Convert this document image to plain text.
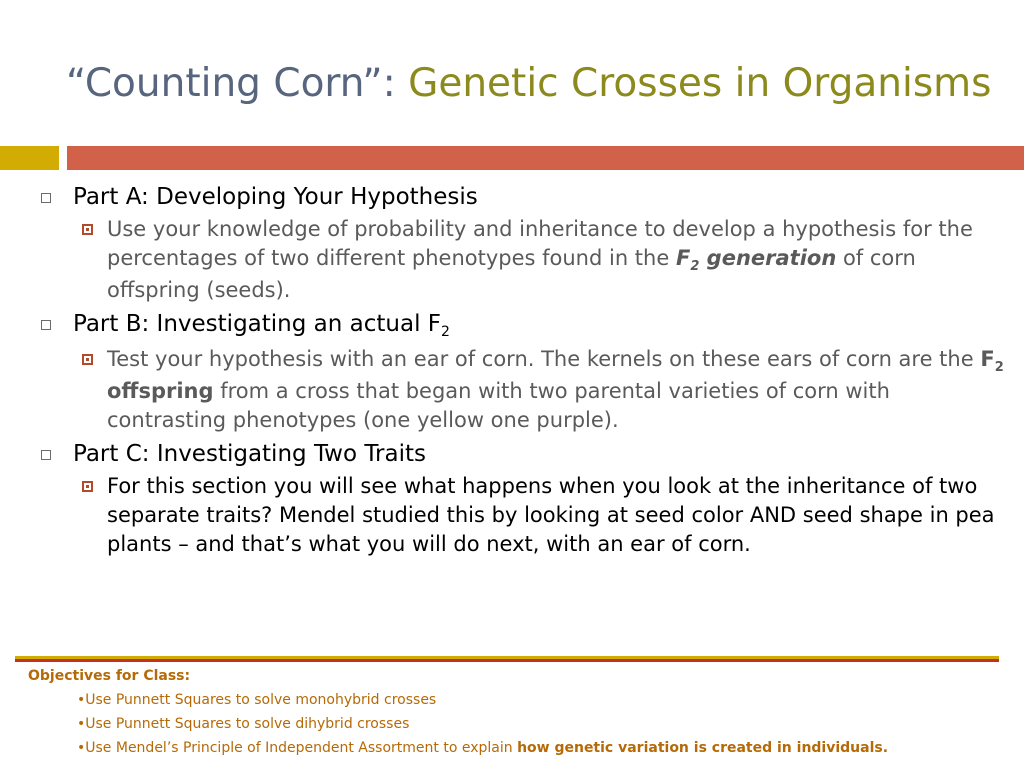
“Counting Corn”: Genetic Crosses in Organisms
Part A: Developing Your Hypothesis
Use your knowledge of probability and inheritance to develop a hypothesis for the percentages of two different phenotypes found in the $F_2$ generation of corn offspring (seeds).
Part B: Investigating an actual $F_2$
Test your hypothesis with an ear of corn. The kernels on these ears of corn are the $F_2$ offspring from a cross that began with two parental varieties of corn with contrasting phenotypes (one yellow one purple).
Part C: Investigating Two Traits
For this section you will see what happens when you look at the inheritance of two separate traits? Mendel studied this by looking at seed color AND seed shape in pea plants – and that’s what you will do next, with an ear of corn.
Objectives for Class:
•Use Punnett Squares to solve monohybrid crosses
•Use Punnett Squares to solve dihybrid crosses
•Use Mendel’s Principle of Independent Assortment to explain how genetic variation is created in individuals.
